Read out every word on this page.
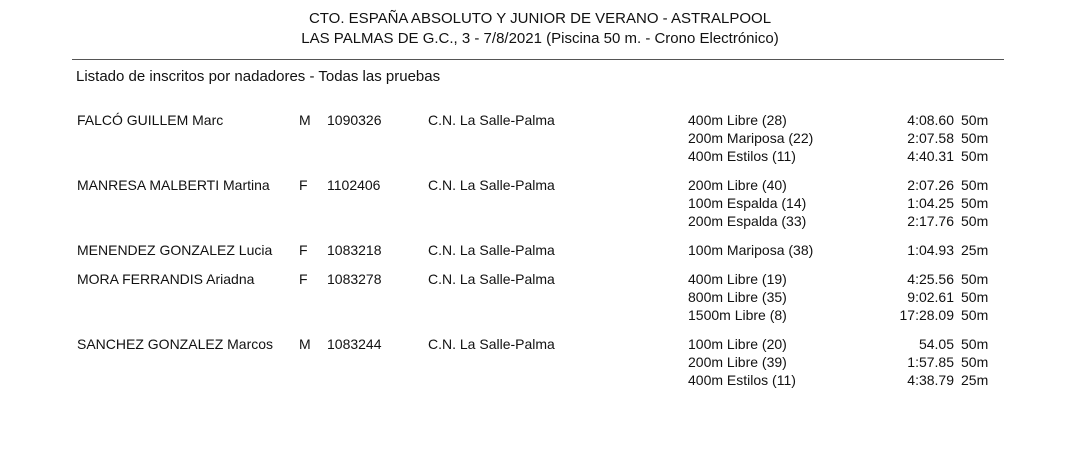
CTO. ESPAÑA ABSOLUTO Y JUNIOR DE VERANO - ASTRALPOOL
LAS PALMAS DE G.C., 3 - 7/8/2021 (Piscina 50 m. - Crono Electrónico)
Listado de inscritos por nadadores - Todas las pruebas
FALCÓ GUILLEM Marc	M 1090326	C.N. La Salle-Palma	400m Libre (28)	4:08.60 50m
200m Mariposa (22)	2:07.58 50m
400m Estilos (11)	4:40.31 50m
MANRESA MALBERTI Martina	F	1102406	C.N. La Salle-Palma	200m Libre (40)	2:07.26 50m
100m Espalda (14)	1:04.25 50m
200m Espalda (33)	2:17.76 50m
MENENDEZ GONZALEZ Lucia	F	1083218	C.N. La Salle-Palma	100m Mariposa (38)	1:04.93 25m
MORA FERRANDIS Ariadna	F	1083278	C.N. La Salle-Palma	400m Libre (19)	4:25.56 50m
800m Libre (35)	9:02.61 50m
1500m Libre (8)	17:28.09 50m
SANCHEZ GONZALEZ Marcos	M 1083244	C.N. La Salle-Palma	100m Libre (20)	54.05 50m
200m Libre (39)	1:57.85 50m
400m Estilos (11)	4:38.79 25m
